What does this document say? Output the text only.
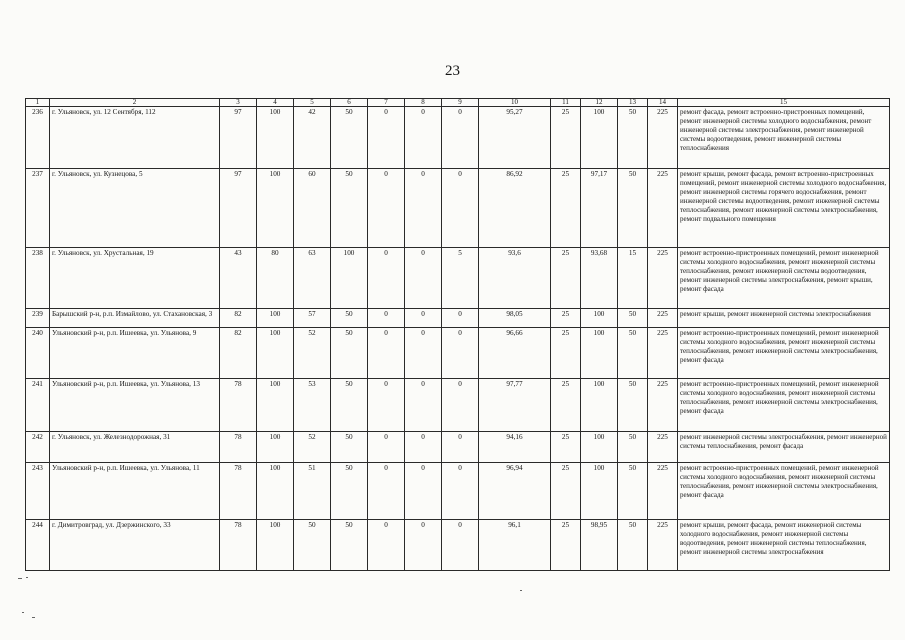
23
1	2	3	4	5	6	7	8	9	10	11	12	13	14	15
236	г. Ульяновск, ул. 12 Сентября, 112	97	100	42	50	0	0	0	95,27	25	100	50	225	ремонт фасада, ремонт встроенно-пристроенных помещений, ремонт инженерной системы холодного водоснабжения, ремонт инженерной системы электроснабжения, ремонт инженерной системы водоотведения, ремонт инженерной системы теплоснабжения
237	г. Ульяновск, ул. Кузнецова, 5	97	100	60	50	0	0	0	86,92	25	97,17	50	225	ремонт крыши, ремонт фасада, ремонт встроенно-пристроенных помещений, ремонт инженерной системы холодного водоснабжения, ремонт инженерной системы горячего водоснабжения, ремонт инженерной системы водоотведения, ремонт инженерной системы теплоснабжения, ремонт инженерной системы электроснабжения, ремонт подвального помещения
238	г. Ульяновск, ул. Хрустальная, 19	43	80	63	100	0	0	5	93,6	25	93,68	15	225	ремонт встроенно-пристроенных помещений, ремонт инженерной системы холодного водоснабжения, ремонт инженерной системы теплоснабжения, ремонт инженерной системы водоотведения, ремонт инженерной системы электроснабжения, ремонт крыши, ремонт фасада
239	Барышский р-н, р.п. Измайлово, ул. Стахановская, 3	82	100	57	50	0	0	0	98,05	25	100	50	225	ремонт крыши, ремонт инженерной системы электроснабжения
240	Ульяновский р-н, р.п. Ишеевка, ул. Ульянова, 9	82	100	52	50	0	0	0	96,66	25	100	50	225	ремонт встроенно-пристроенных помещений, ремонт инженерной системы холодного водоснабжения, ремонт инженерной системы теплоснабжения, ремонт инженерной системы электроснабжения, ремонт фасада
241	Ульяновский р-н, р.п. Ишеевка, ул. Ульянова, 13	78	100	53	50	0	0	0	97,77	25	100	50	225	ремонт встроенно-пристроенных помещений, ремонт инженерной системы холодного водоснабжения, ремонт инженерной системы теплоснабжения, ремонт инженерной системы электроснабжения, ремонт фасада
242	г. Ульяновск, ул. Железнодорожная, 31	78	100	52	50	0	0	0	94,16	25	100	50	225	ремонт инженерной системы электроснабжения, ремонт инженерной системы теплоснабжения, ремонт фасада
243	Ульяновский р-н, р.п. Ишеевка, ул. Ульянова, 11	78	100	51	50	0	0	0	96,94	25	100	50	225	ремонт встроенно-пристроенных помещений, ремонт инженерной системы холодного водоснабжения, ремонт инженерной системы теплоснабжения, ремонт инженерной системы электроснабжения, ремонт фасада
244	г. Димитровград, ул. Дзержинского, 33	78	100	50	50	0	0	0	96,1	25	98,95	50	225	ремонт крыши, ремонт фасада, ремонт инженерной системы холодного водоснабжения, ремонт инженерной системы водоотведения, ремонт инженерной системы теплоснабжения, ремонт инженерной системы электроснабжения
